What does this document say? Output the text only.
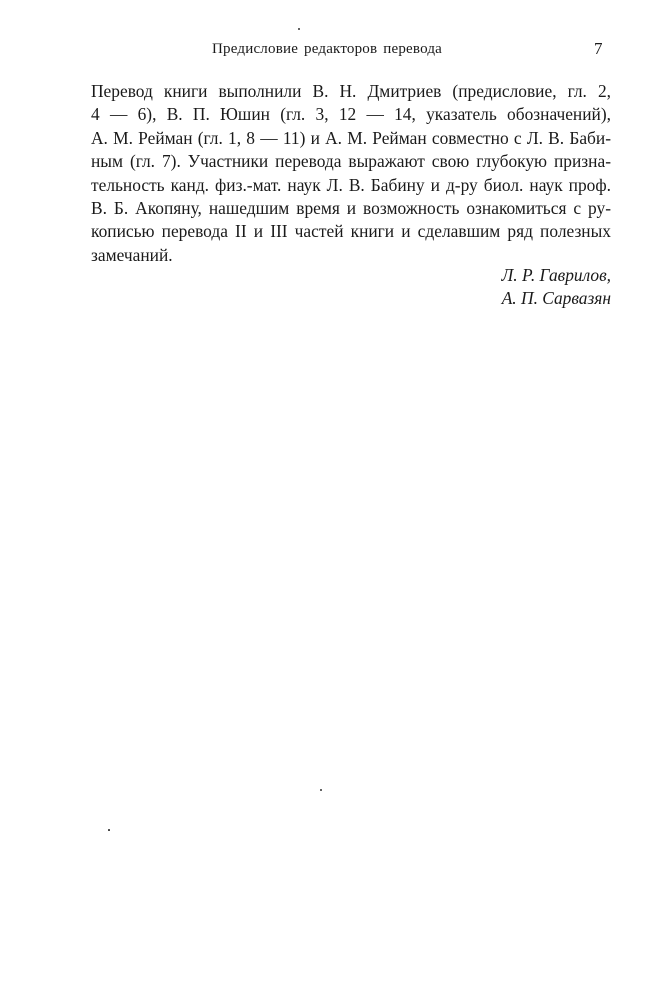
Предисловие редакторов перевода	7

Перевод книги выполнили В. Н. Дмитриев (предисловие, гл. 2,
4 — 6), В. П. Юшин (гл. 3, 12 — 14, указатель обозначений),
А. М. Рейман (гл. 1, 8 — 11) и А. М. Рейман совместно с Л. В. Баби-
ным (гл. 7). Участники перевода выражают свою глубокую призна-
тельность канд. физ.-мат. наук Л. В. Бабину и д-ру биол. наук проф.
В. Б. Акопяну, нашедшим время и возможность ознакомиться с ру-
кописью перевода II и III частей книги и сделавшим ряд полезных
замечаний.

Л. Р. Гаврилов,
А. П. Сарвазян
